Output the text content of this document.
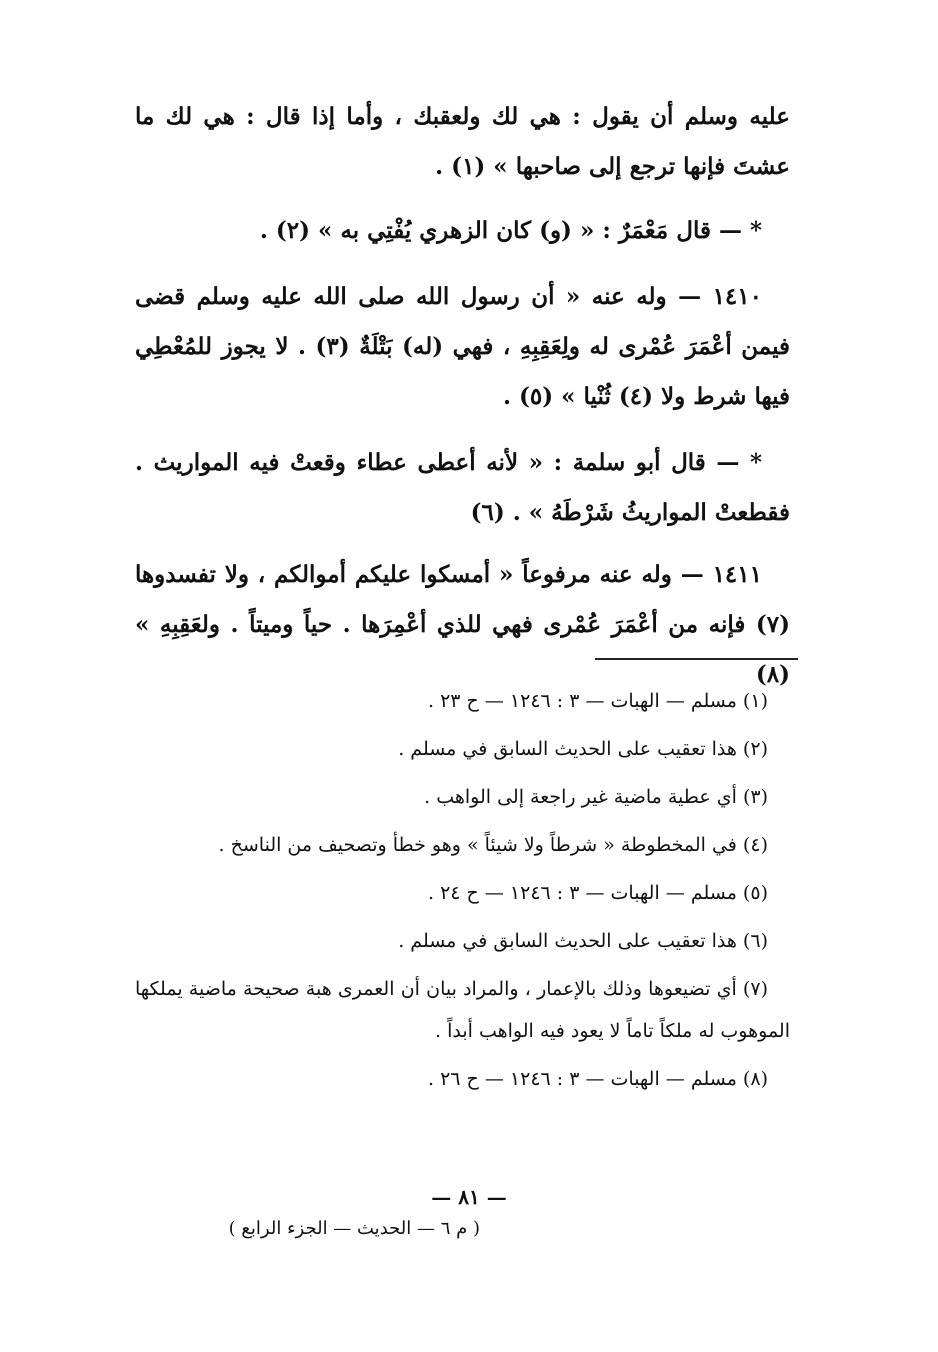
عليه وسلم أن يقول : هي لك ولعقبك ، وأما إذا قال : هي لك ما عشتَ فإنها ترجع إلى صاحبها » (١) .

* — قال مَعْمَرٌ : « (و) كان الزهري يُفْتِي به » (٢) .

١٤١٠ — وله عنه « أن رسول الله صلى الله عليه وسلم قضى فيمن أعْمَرَ عُمْرى له ولِعَقِبِهِ ، فهي (له) بَتْلَةٌ (٣) . لا يجوز للمُعْطِي فيها شرط ولا (٤) ثُنْيا » (٥) .

* — قال أبو سلمة : « لأنه أعطى عطاء وقعتْ فيه المواريث . فقطعتْ المواريثُ شَرْطَهُ » . (٦)

١٤١١ — وله عنه مرفوعاً « أمسكوا عليكم أموالكم ، ولا تفسدوها (٧) فإنه من أعْمَرَ عُمْرى فهي للذي أعْمِرَها . حياً وميتاً . ولعَقِبِهِ » (٨)

(١) مسلم — الهبات — ٣ : ١٢٤٦ — ح ٢٣ .

(٢) هذا تعقيب على الحديث السابق في مسلم .

(٣) أي عطية ماضية غير راجعة إلى الواهب .

(٤) في المخطوطة « شرطاً ولا شيئاً » وهو خطأ وتصحيف من الناسخ .

(٥) مسلم — الهبات — ٣ : ١٢٤٦ — ح ٢٤ .

(٦) هذا تعقيب على الحديث السابق في مسلم .

(٧) أي تضيعوها وذلك بالإعمار ، والمراد بيان أن العمرى هبة صحيحة ماضية يملكها الموهوب له ملكاً تاماً لا يعود فيه الواهب أبداً .

(٨) مسلم — الهبات — ٣ : ١٢٤٦ — ح ٢٦ .

— ٨١ —
( م ٦ — الحديث — الجزء الرابع )
